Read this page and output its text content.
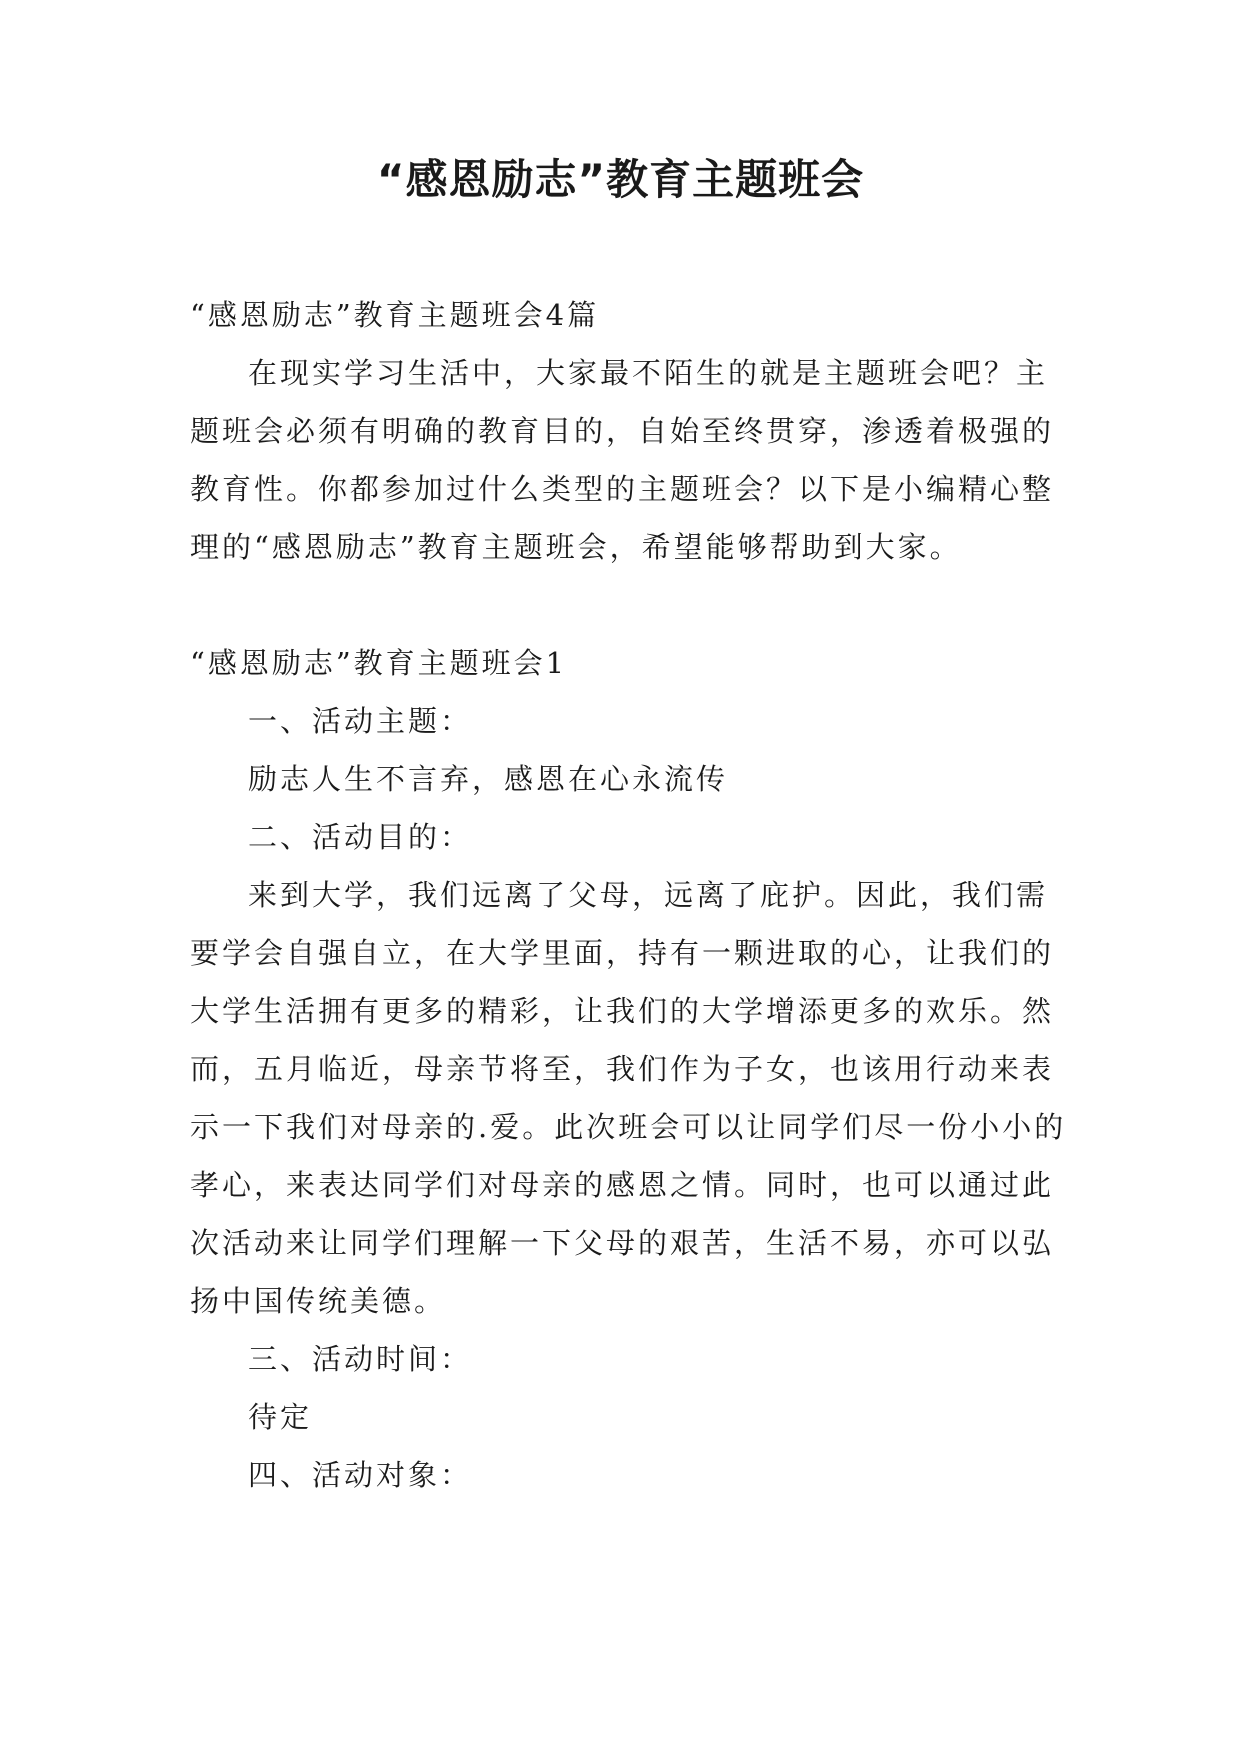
“感恩励志”教育主题班会

“感恩励志”教育主题班会4篇

在现实学习生活中，大家最不陌生的就是主题班会吧？主题班会必须有明确的教育目的，自始至终贯穿，渗透着极强的教育性。你都参加过什么类型的主题班会？以下是小编精心整理的“感恩励志”教育主题班会，希望能够帮助到大家。

“感恩励志”教育主题班会1

一、活动主题：

励志人生不言弃，感恩在心永流传

二、活动目的：

来到大学，我们远离了父母，远离了庇护。因此，我们需要学会自强自立，在大学里面，持有一颗进取的心，让我们的大学生活拥有更多的精彩，让我们的大学增添更多的欢乐。然而，五月临近，母亲节将至，我们作为子女，也该用行动来表示一下我们对母亲的.爱。此次班会可以让同学们尽一份小小的孝心，来表达同学们对母亲的感恩之情。同时，也可以通过此次活动来让同学们理解一下父母的艰苦，生活不易，亦可以弘扬中国传统美德。

三、活动时间：

待定

四、活动对象：
